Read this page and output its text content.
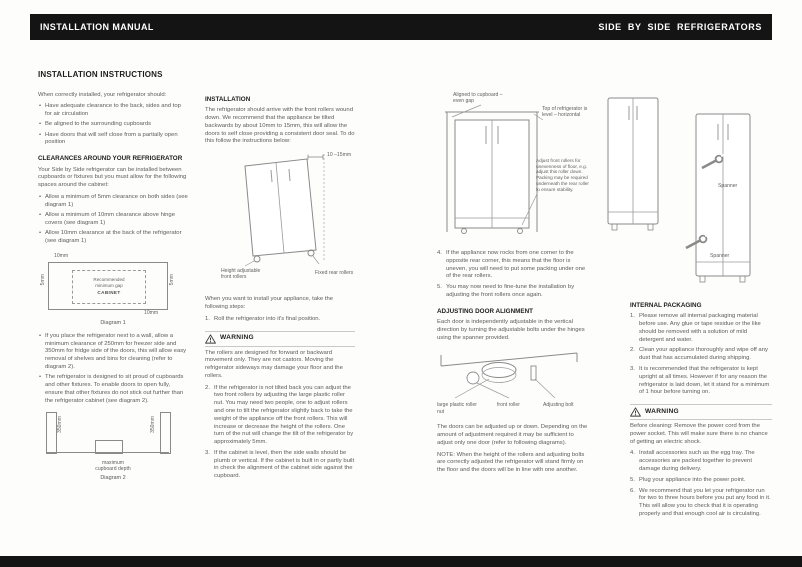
INSTALLATION MANUAL	SIDE BY SIDE REFRIGERATORS
INSTALLATION INSTRUCTIONS

When correctly installed, your refrigerator should:

• Have adequate clearance to the back, sides and top for air circulation
• Be aligned to the surrounding cupboards
• Have doors that will self close from a partially open position
CLEARANCES AROUND YOUR REFRIGERATOR

Your Side by Side refrigerator can be installed between cupboards or fixtures but you must allow for the following spaces around the cabinet:

• Allow a minimum of 5mm clearance on both sides (see diagram 1)
• Allow a minimum of 10mm clearance above hinge covers (see diagram 1)
• Allow 10mm clearance at the back of the refrigerator (see diagram 1)
10mm
Recommended
minimum gap
CABINET
5mm	5mm
10mm
Diagram 1
• If you place the refrigerator next to a wall, allow a minimum clearance of 250mm for freezer side and 350mm for fridge side of the doors, this will allow easy removal of shelves and bins for cleaning (refer to diagram 2).
• The refrigerator is designed to sit proud of cupboards and other fixtures. To enable doors to open fully, ensure that other fixtures do not stick out further than the refrigerator cabinet (see diagram 2).
350mm	350mm
maximum
cupboard depth
Diagram 2
INSTALLATION

The refrigerator should arrive with the front rollers wound down. We recommend that the appliance be tilted backwards by about 10mm to 15mm, this will allow the doors to self close providing a consistent door seal. To do this follow the instructions below:

10 –15mm
Height adjustable front rollers
Fixed rear rollers

When you want to install your appliance, take the following steps:

1. Roll the refrigerator into it's final position.
WARNING

The rollers are designed for forward or backward movement only. They are not castors. Moving the refrigerator sideways may damage your floor and the rollers.

2. If the refrigerator is not tilted back you can adjust the two front rollers by adjusting the large plastic roller nut. You may need two people, one to adjust rollers and one to tilt the refrigerator slightly back to take the weight of the appliance off the front rollers. This will increase or decrease the height of the rollers. One turn of the nut will change the tilt of the refrigerator by approximately 5mm.
3. If the cabinet is level, then the side walls should be plumb or vertical. If the cabinet is built in or partly built in check the alignment of the cabinet side against the cupboard.
Aligned to cupboard – even gap
Top of refrigerator is level – horizontal
Adjust front rollers for unevenness of floor, e.g. adjust this roller down. Packing may be required underneath the rear roller to ensure stability.
4. If the appliance now rocks from one corner to the opposite rear corner, this means that the floor is uneven, you will need to put some packing under one of the rear rollers.
5. You may now need to fine-tune the installation by adjusting the front rollers once again.
ADJUSTING DOOR ALIGNMENT

Each door is independently adjustable in the vertical direction by turning the adjustable bolts under the hinges using the spanner provided.

large plastic roller nut
front roller	Adjusting bolt

The doors can be adjusted up or down. Depending on the amount of adjustment required it may be sufficient to adjust only one door (refer to following diagrams).

NOTE: When the height of the rollers and adjusting bolts are correctly adjusted the refrigerator will stand firmly on the floor and the doors will be in line with one another.

Spanner
Spanner
INTERNAL PACKAGING
1. Please remove all internal packaging material before use. Any glue or tape residue or the like should be removed with a solution of mild detergent and water.
2. Clean your appliance thoroughly and wipe off any dust that has accumulated during shipping.
3. It is recommended that the refrigerator is kept upright at all times. However if for any reason the refrigerator is laid down, let it stand for a minimum of 1 hour before turning on.
WARNING

Before cleaning: Remove the power cord from the power socket. This will make sure there is no chance of getting an electric shock.

4. Install accessories such as the egg tray. The accessories are packed together to prevent damage during delivery.
5. Plug your appliance into the power point.
6. We recommend that you let your refrigerator run for two to three hours before you put any food in it. This will allow you to check that it is operating properly and that enough cool air is circulating.
